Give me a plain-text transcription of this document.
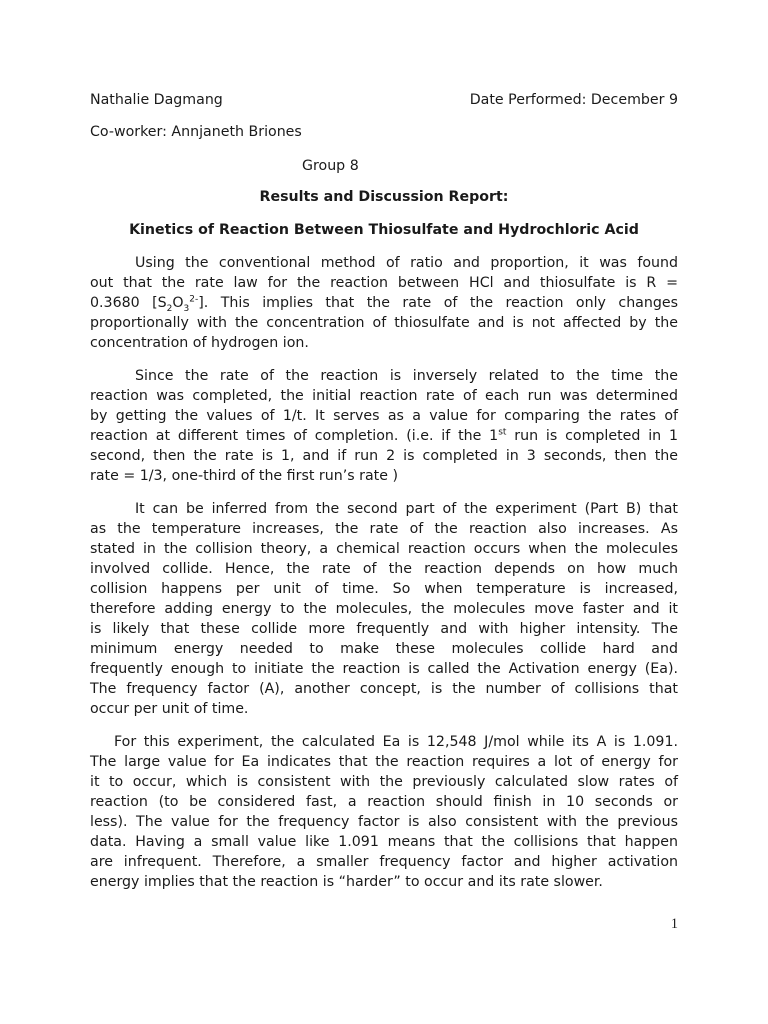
Nathalie Dagmang	Date Performed: December 9
Co-worker: Annjaneth Briones
Group 8
Results and Discussion Report:
Kinetics of Reaction Between Thiosulfate and Hydrochloric Acid

Using the conventional method of ratio and proportion, it was found
out that the rate law for the reaction between HCl and thiosulfate is R =
0.3680 $[S_2O_3^{2-}]$. This implies that the rate of the reaction only changes
proportionally with the concentration of thiosulfate and is not affected by the
concentration of hydrogen ion.

Since the rate of the reaction is inversely related to the time the
reaction was completed, the initial reaction rate of each run was determined
by getting the values of 1/t. It serves as a value for comparing the rates of
reaction at different times of completion. (i.e. if the 1st run is completed in 1
second, then the rate is 1, and if run 2 is completed in 3 seconds, then the
rate = 1/3, one-third of the first run’s rate )

It can be inferred from the second part of the experiment (Part B) that
as the temperature increases, the rate of the reaction also increases. As
stated in the collision theory, a chemical reaction occurs when the molecules
involved collide. Hence, the rate of the reaction depends on how much
collision happens per unit of time. So when temperature is increased,
therefore adding energy to the molecules, the molecules move faster and it
is likely that these collide more frequently and with higher intensity. The
minimum energy needed to make these molecules collide hard and
frequently enough to initiate the reaction is called the Activation energy (Ea).
The frequency factor (A), another concept, is the number of collisions that
occur per unit of time.

For this experiment, the calculated Ea is 12,548 J/mol while its A is 1.091.
The large value for Ea indicates that the reaction requires a lot of energy for
it to occur, which is consistent with the previously calculated slow rates of
reaction (to be considered fast, a reaction should finish in 10 seconds or
less). The value for the frequency factor is also consistent with the previous
data. Having a small value like 1.091 means that the collisions that happen
are infrequent. Therefore, a smaller frequency factor and higher activation
energy implies that the reaction is “harder” to occur and its rate slower.

1
